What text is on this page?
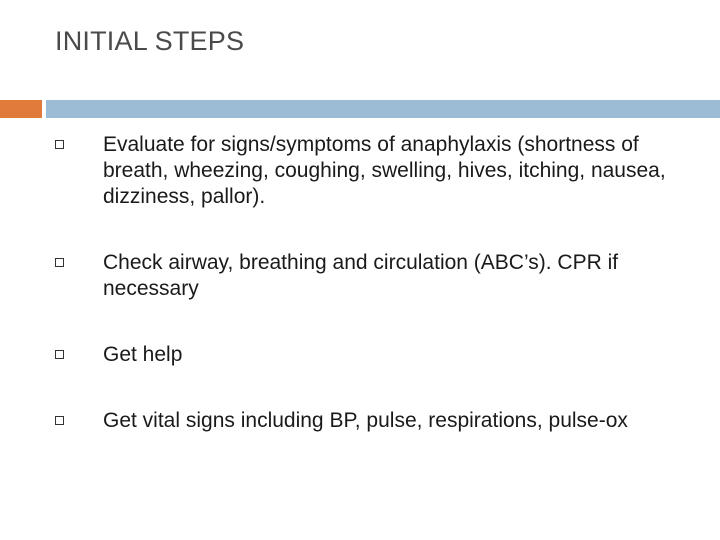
INITIAL STEPS
Evaluate for signs/symptoms of anaphylaxis (shortness of breath, wheezing, coughing, swelling, hives, itching, nausea, dizziness, pallor).
Check airway, breathing and circulation (ABC’s). CPR if necessary
Get help
Get vital signs including BP, pulse, respirations, pulse-ox
